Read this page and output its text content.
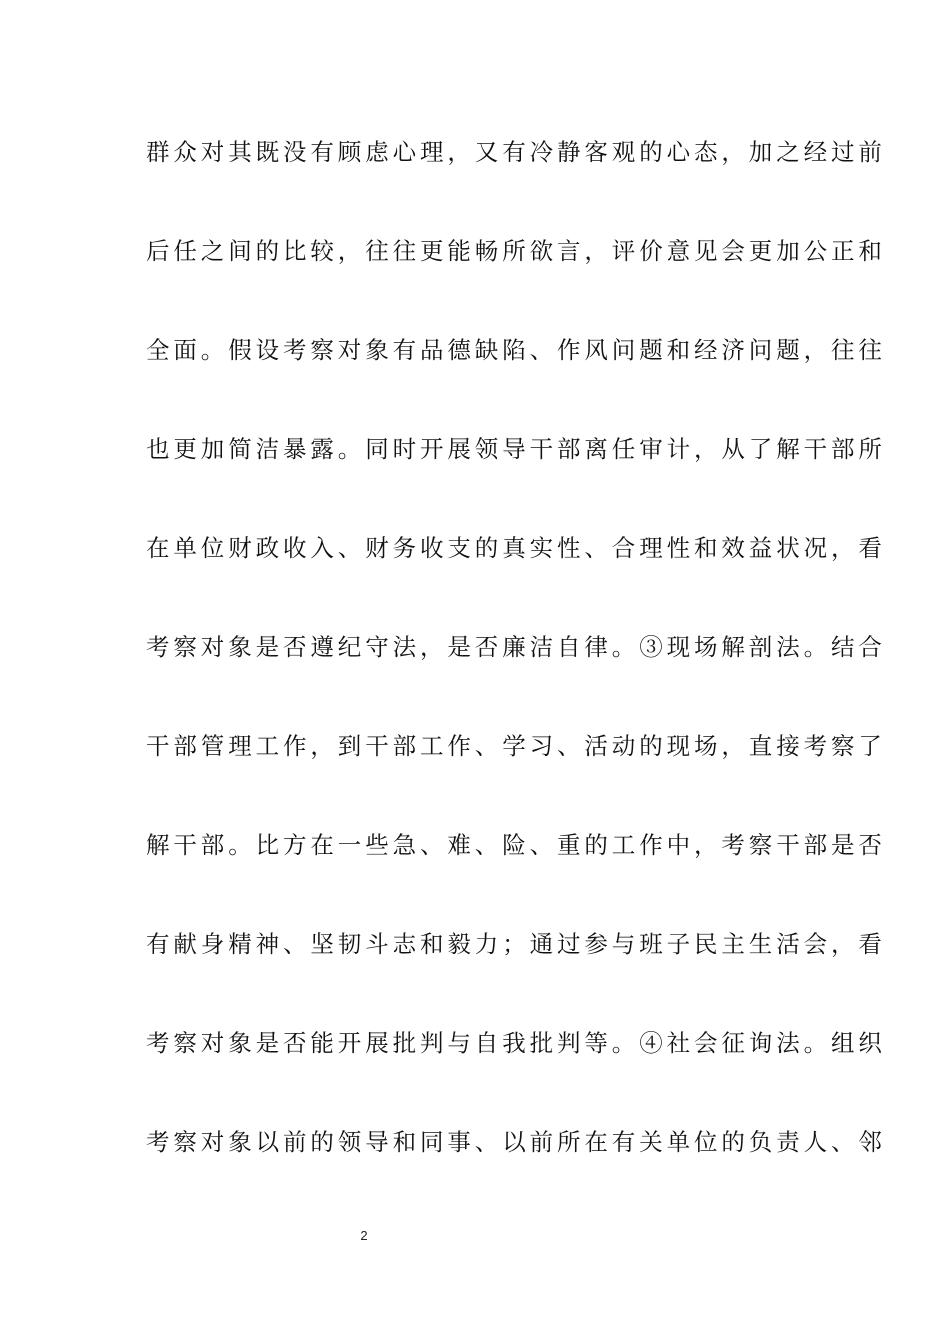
群众对其既没有顾虑心理，又有冷静客观的心态，加之经过前
后任之间的比较，往往更能畅所欲言，评价意见会更加公正和
全面。假设考察对象有品德缺陷、作风问题和经济问题，往往
也更加简洁暴露。同时开展领导干部离任审计，从了解干部所
在单位财政收入、财务收支的真实性、合理性和效益状况，看
考察对象是否遵纪守法，是否廉洁自律。③现场解剖法。结合
干部管理工作，到干部工作、学习、活动的现场，直接考察了
解干部。比方在一些急、难、险、重的工作中，考察干部是否
有献身精神、坚韧斗志和毅力；通过参与班子民主生活会，看
考察对象是否能开展批判与自我批判等。④社会征询法。组织
考察对象以前的领导和同事、以前所在有关单位的负责人、邻
2
